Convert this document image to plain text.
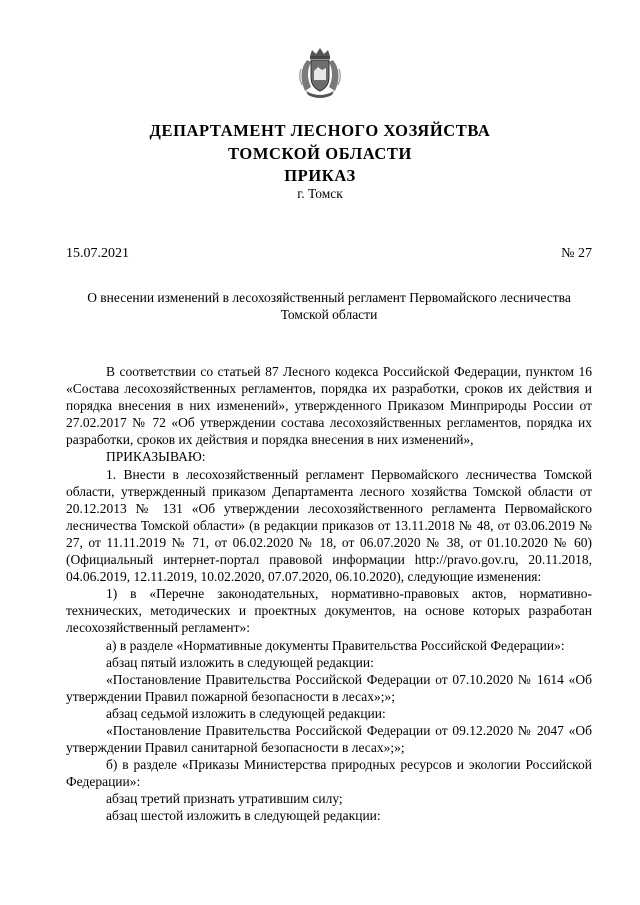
ДЕПАРТАМЕНТ ЛЕСНОГО ХОЗЯЙСТВА
ТОМСКОЙ ОБЛАСТИ
ПРИКАЗ
г. Томск
15.07.2021	№ 27
О внесении изменений в лесохозяйственный регламент Первомайского лесничества Томской области

В соответствии со статьей 87 Лесного кодекса Российской Федерации, пунктом 16 «Состава лесохозяйственных регламентов, порядка их разработки, сроков их действия и порядка внесения в них изменений», утвержденного Приказом Минприроды России от 27.02.2017 № 72 «Об утверждении состава лесохозяйственных регламентов, порядка их разработки, сроков их действия и порядка внесения в них изменений»,

ПРИКАЗЫВАЮ:

1. Внести в лесохозяйственный регламент Первомайского лесничества Томской области, утвержденный приказом Департамента лесного хозяйства Томской области от 20.12.2013 № 131 «Об утверждении лесохозяйственного регламента Первомайского лесничества Томской области» (в редакции приказов от 13.11.2018 № 48, от 03.06.2019 № 27, от 11.11.2019 № 71, от 06.02.2020 № 18, от 06.07.2020 № 38, от 01.10.2020 № 60) (Официальный интернет-портал правовой информации http://pravo.gov.ru, 20.11.2018, 04.06.2019, 12.11.2019, 10.02.2020, 07.07.2020, 06.10.2020), следующие изменения:

1) в «Перечне законодательных, нормативно-правовых актов, нормативно-технических, методических и проектных документов, на основе которых разработан лесохозяйственный регламент»:

а) в разделе «Нормативные документы Правительства Российской Федерации»:

абзац пятый изложить в следующей редакции:

«Постановление Правительства Российской Федерации от 07.10.2020 № 1614 «Об утверждении Правил пожарной безопасности в лесах»;»;

абзац седьмой изложить в следующей редакции:

«Постановление Правительства Российской Федерации от 09.12.2020 № 2047 «Об утверждении Правил санитарной безопасности в лесах»;»;

б) в разделе «Приказы Министерства природных ресурсов и экологии Российской Федерации»:

абзац третий признать утратившим силу;

абзац шестой изложить в следующей редакции:
